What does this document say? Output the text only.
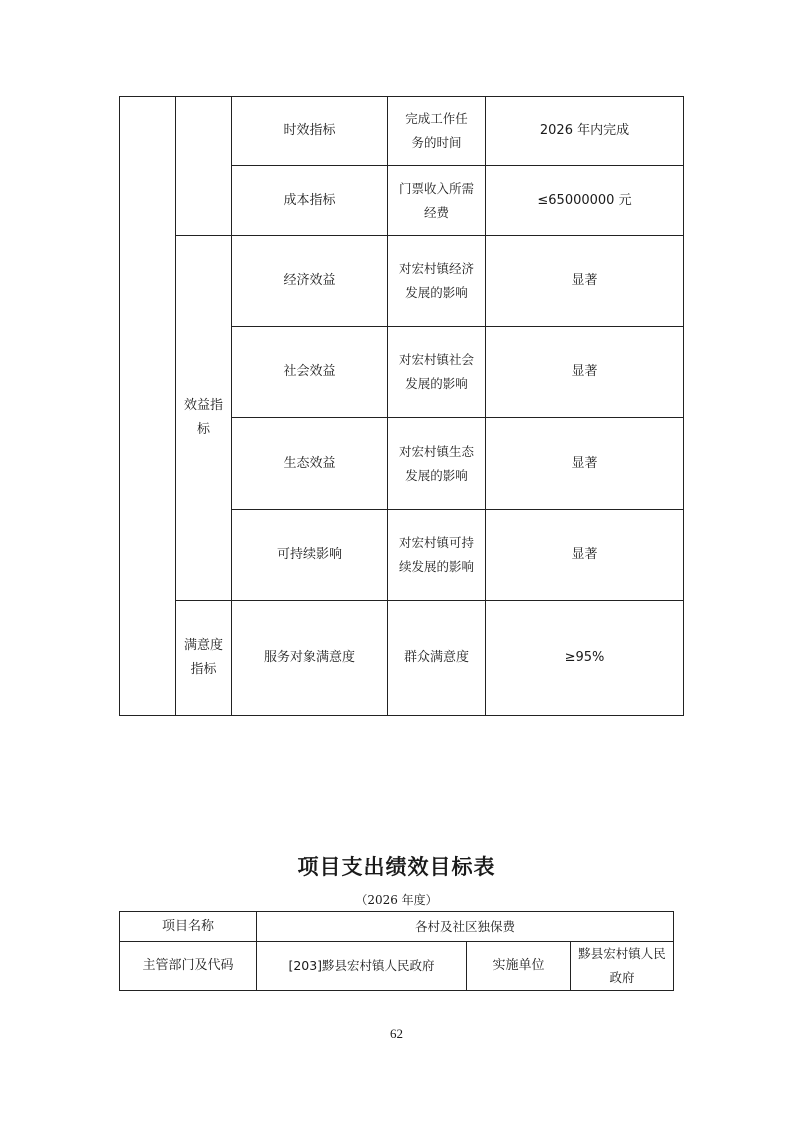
		时效指标	完成工作任
务的时间	2026 年内完成
		成本指标	门票收入所需
经费	≤65000000 元
	效益指
标	经济效益	对宏村镇经济
发展的影响	显著
		社会效益	对宏村镇社会
发展的影响	显著
		生态效益	对宏村镇生态
发展的影响	显著
		可持续影响	对宏村镇可持
续发展的影响	显著
	满意度
指标	服务对象满意度	群众满意度	≥95%
项目支出绩效目标表
（2026 年度）
项目名称	各村及社区独保费		
主管部门及代码	[203]黟县宏村镇人民政府	实施单位	黟县宏村镇人民
政府
62
